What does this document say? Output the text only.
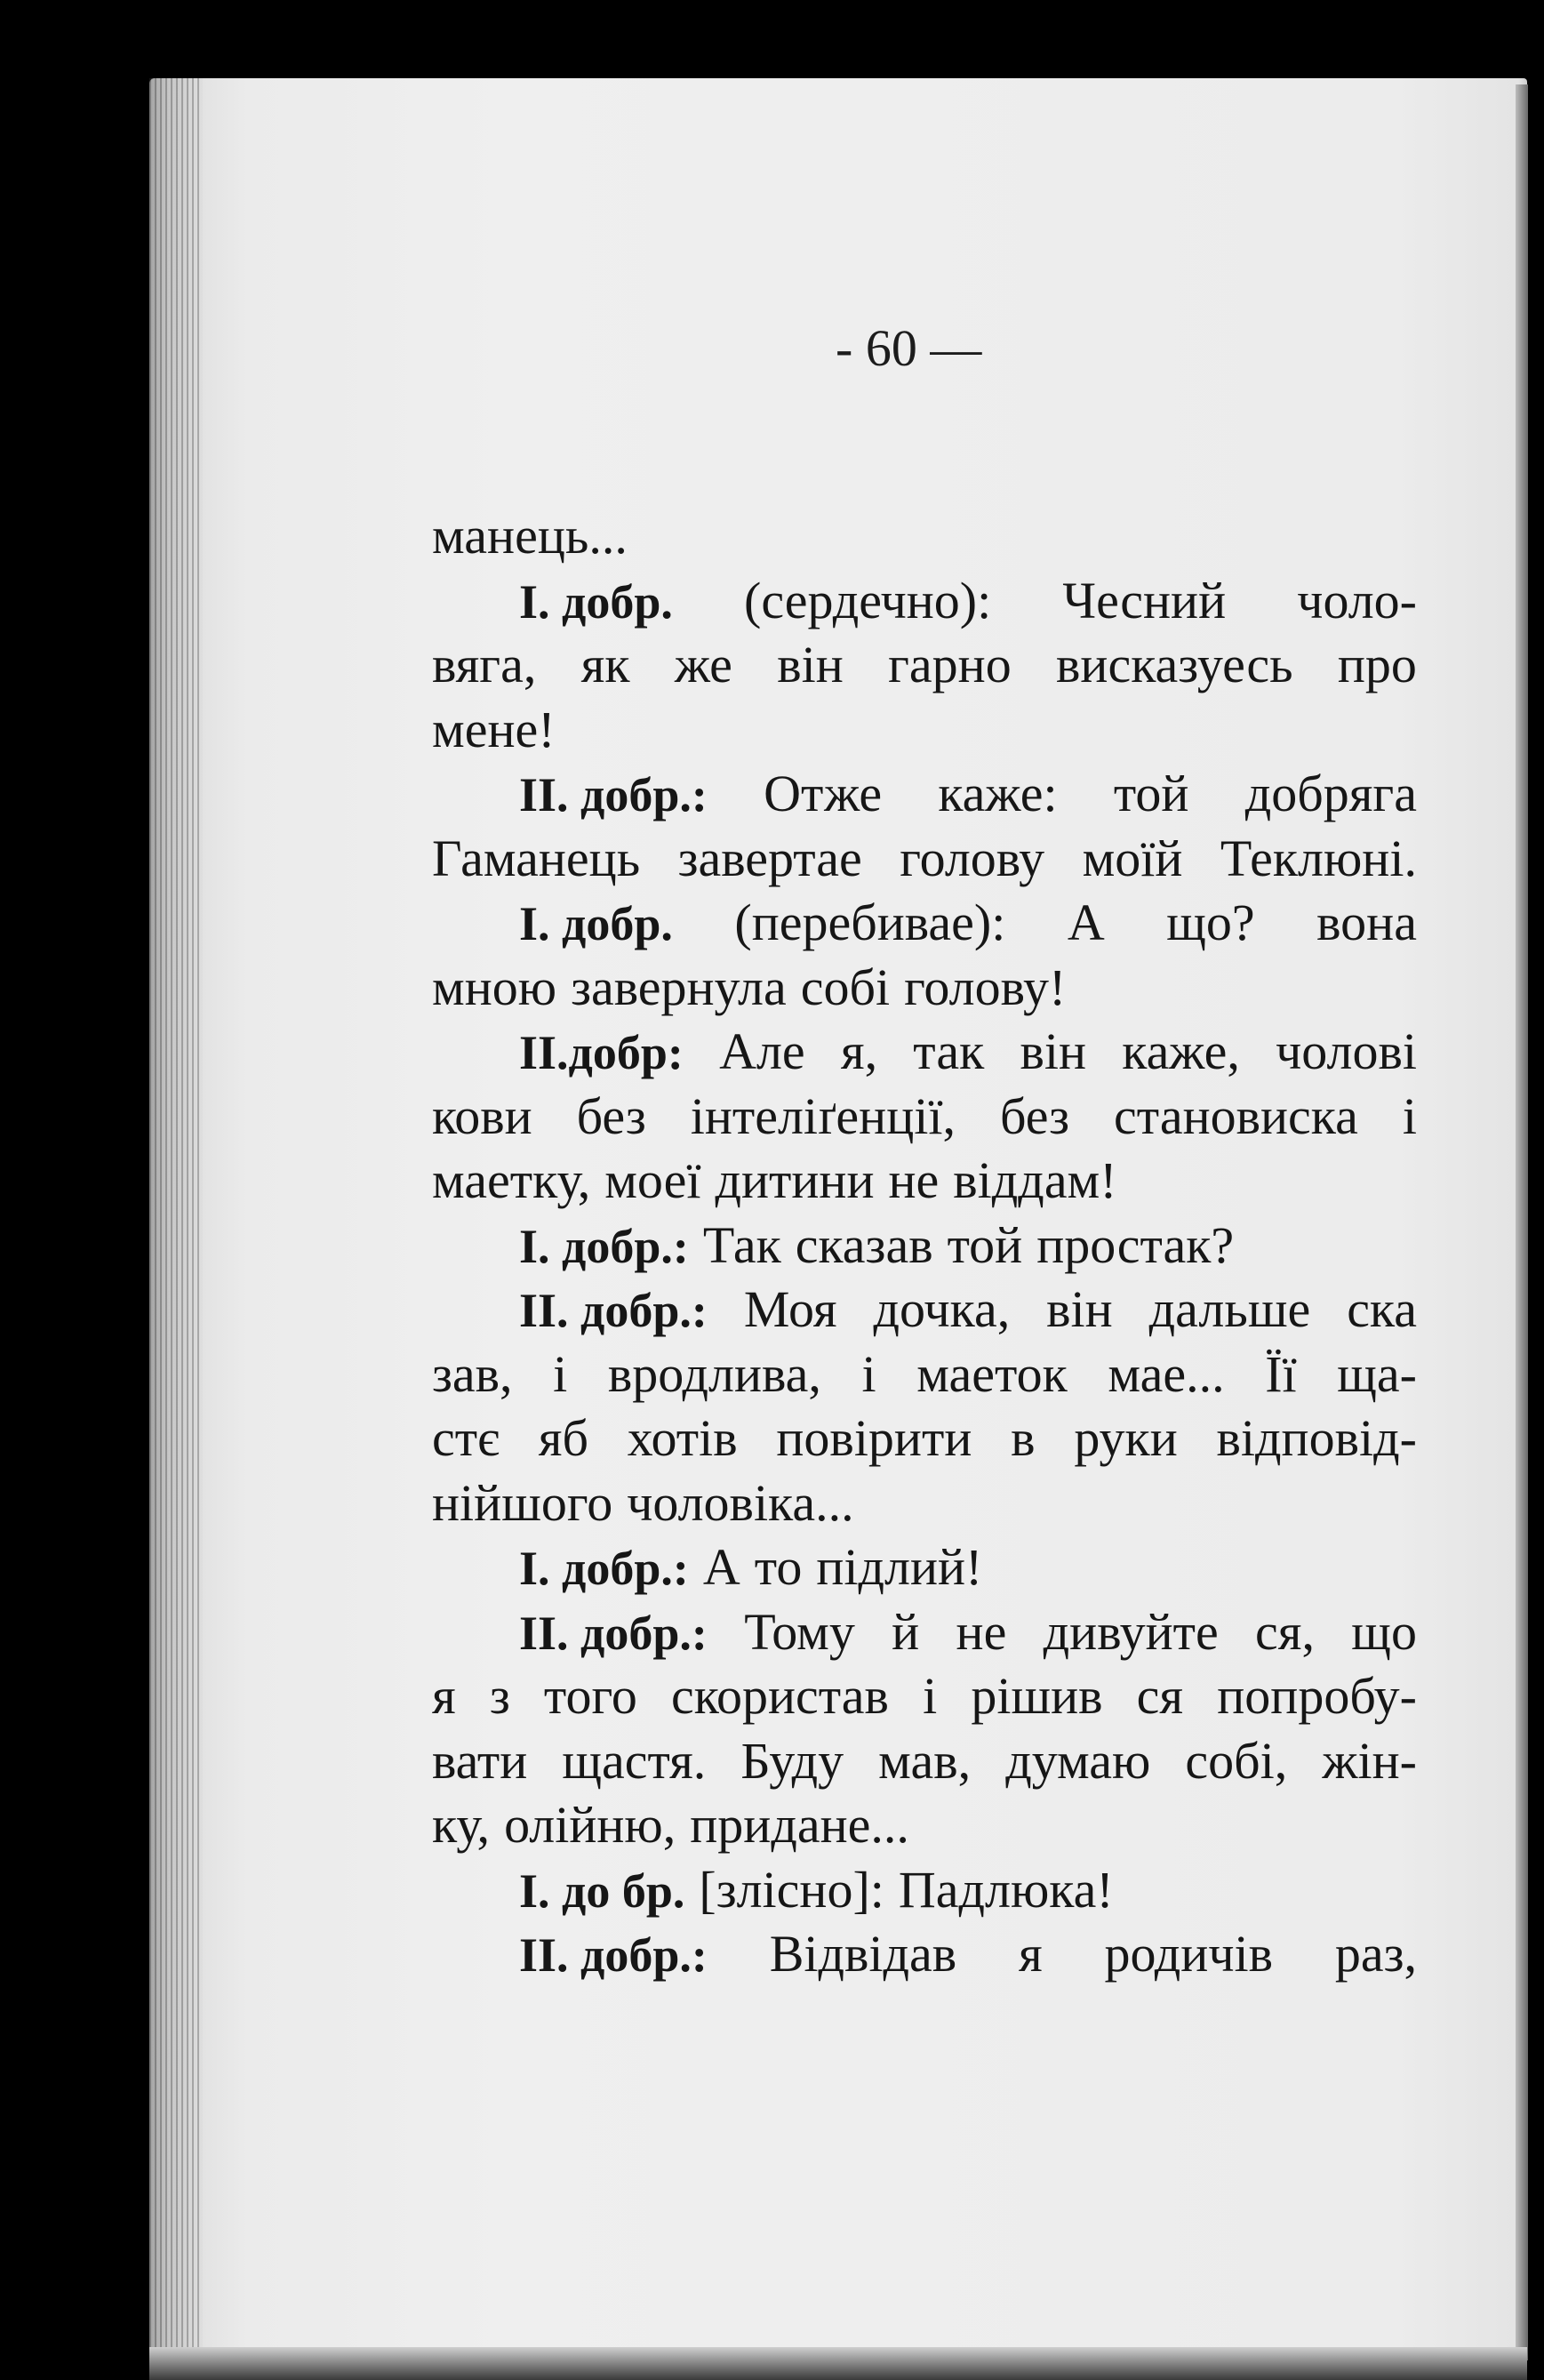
- 60 —
манець...
І. добр. (сердечно): Чесний чоло-
вяга, як же він гарно висказуесь про
мене!
II. добр.: Отже каже: той добряга
Гаманець завертае голову моїй Теклюні.
І. добр. (перебивае): А що? вона
мною завернула собі голову!
II.добр: Але я, так він каже, чолові
кови без інтеліґенції, без становиска і
маетку, моеї дитини не віддам!
І. добр.: Так сказав той простак?
II. добр.: Моя дочка, він дальше ска
зав, і вродлива, і маеток мае... Її ща-
стє яб хотів повірити в руки відповід-
нійшого чоловіка...
І. добр.: А то підлий!
II. добр.: Тому й не дивуйте ся, що
я з того скористав і рішив ся попробу-
вати щастя. Буду мав, думаю собі, жін-
ку, олійню, придане...
І. до бр. [злісно]: Падлюка!
II. добр.: Відвідав я родичів раз,
